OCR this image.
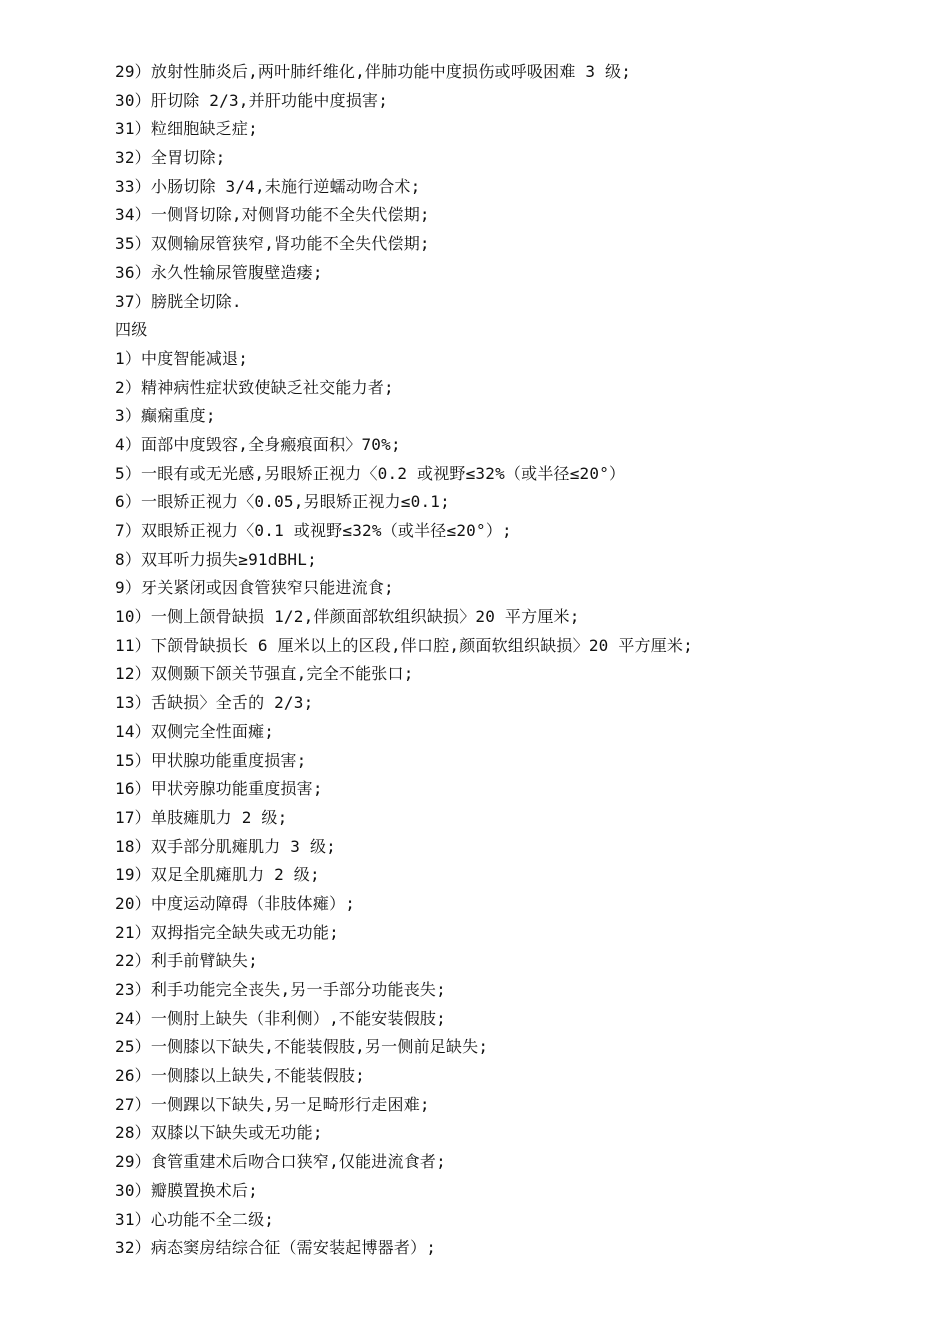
29）放射性肺炎后,两叶肺纤维化,伴肺功能中度损伤或呼吸困难 3 级;
30）肝切除 2/3,并肝功能中度损害;
31）粒细胞缺乏症;
32）全胃切除;
33）小肠切除 3/4,未施行逆蠕动吻合术;
34）一侧肾切除,对侧肾功能不全失代偿期;
35）双侧输尿管狭窄,肾功能不全失代偿期;
36）永久性输尿管腹壁造瘘;
37）膀胱全切除.
四级
1）中度智能减退;
2）精神病性症状致使缺乏社交能力者;
3）癫痫重度;
4）面部中度毁容,全身瘢痕面积〉70%;
5）一眼有或无光感,另眼矫正视力〈0.2 或视野≤32%（或半径≤20°）
6）一眼矫正视力〈0.05,另眼矫正视力≤0.1;
7）双眼矫正视力〈0.1 或视野≤32%（或半径≤20°）;
8）双耳听力损失≥91dBHL;
9）牙关紧闭或因食管狭窄只能进流食;
10）一侧上颌骨缺损 1/2,伴颜面部软组织缺损〉20 平方厘米;
11）下颌骨缺损长 6 厘米以上的区段,伴口腔,颜面软组织缺损〉20 平方厘米;
12）双侧颞下颌关节强直,完全不能张口;
13）舌缺损〉全舌的 2/3;
14）双侧完全性面瘫;
15）甲状腺功能重度损害;
16）甲状旁腺功能重度损害;
17）单肢瘫肌力 2 级;
18）双手部分肌瘫肌力 3 级;
19）双足全肌瘫肌力 2 级;
20）中度运动障碍（非肢体瘫）;
21）双拇指完全缺失或无功能;
22）利手前臂缺失;
23）利手功能完全丧失,另一手部分功能丧失;
24）一侧肘上缺失（非利侧）,不能安装假肢;
25）一侧膝以下缺失,不能装假肢,另一侧前足缺失;
26）一侧膝以上缺失,不能装假肢;
27）一侧踝以下缺失,另一足畸形行走困难;
28）双膝以下缺失或无功能;
29）食管重建术后吻合口狭窄,仅能进流食者;
30）瓣膜置换术后;
31）心功能不全二级;
32）病态窦房结综合征（需安装起博器者）;
